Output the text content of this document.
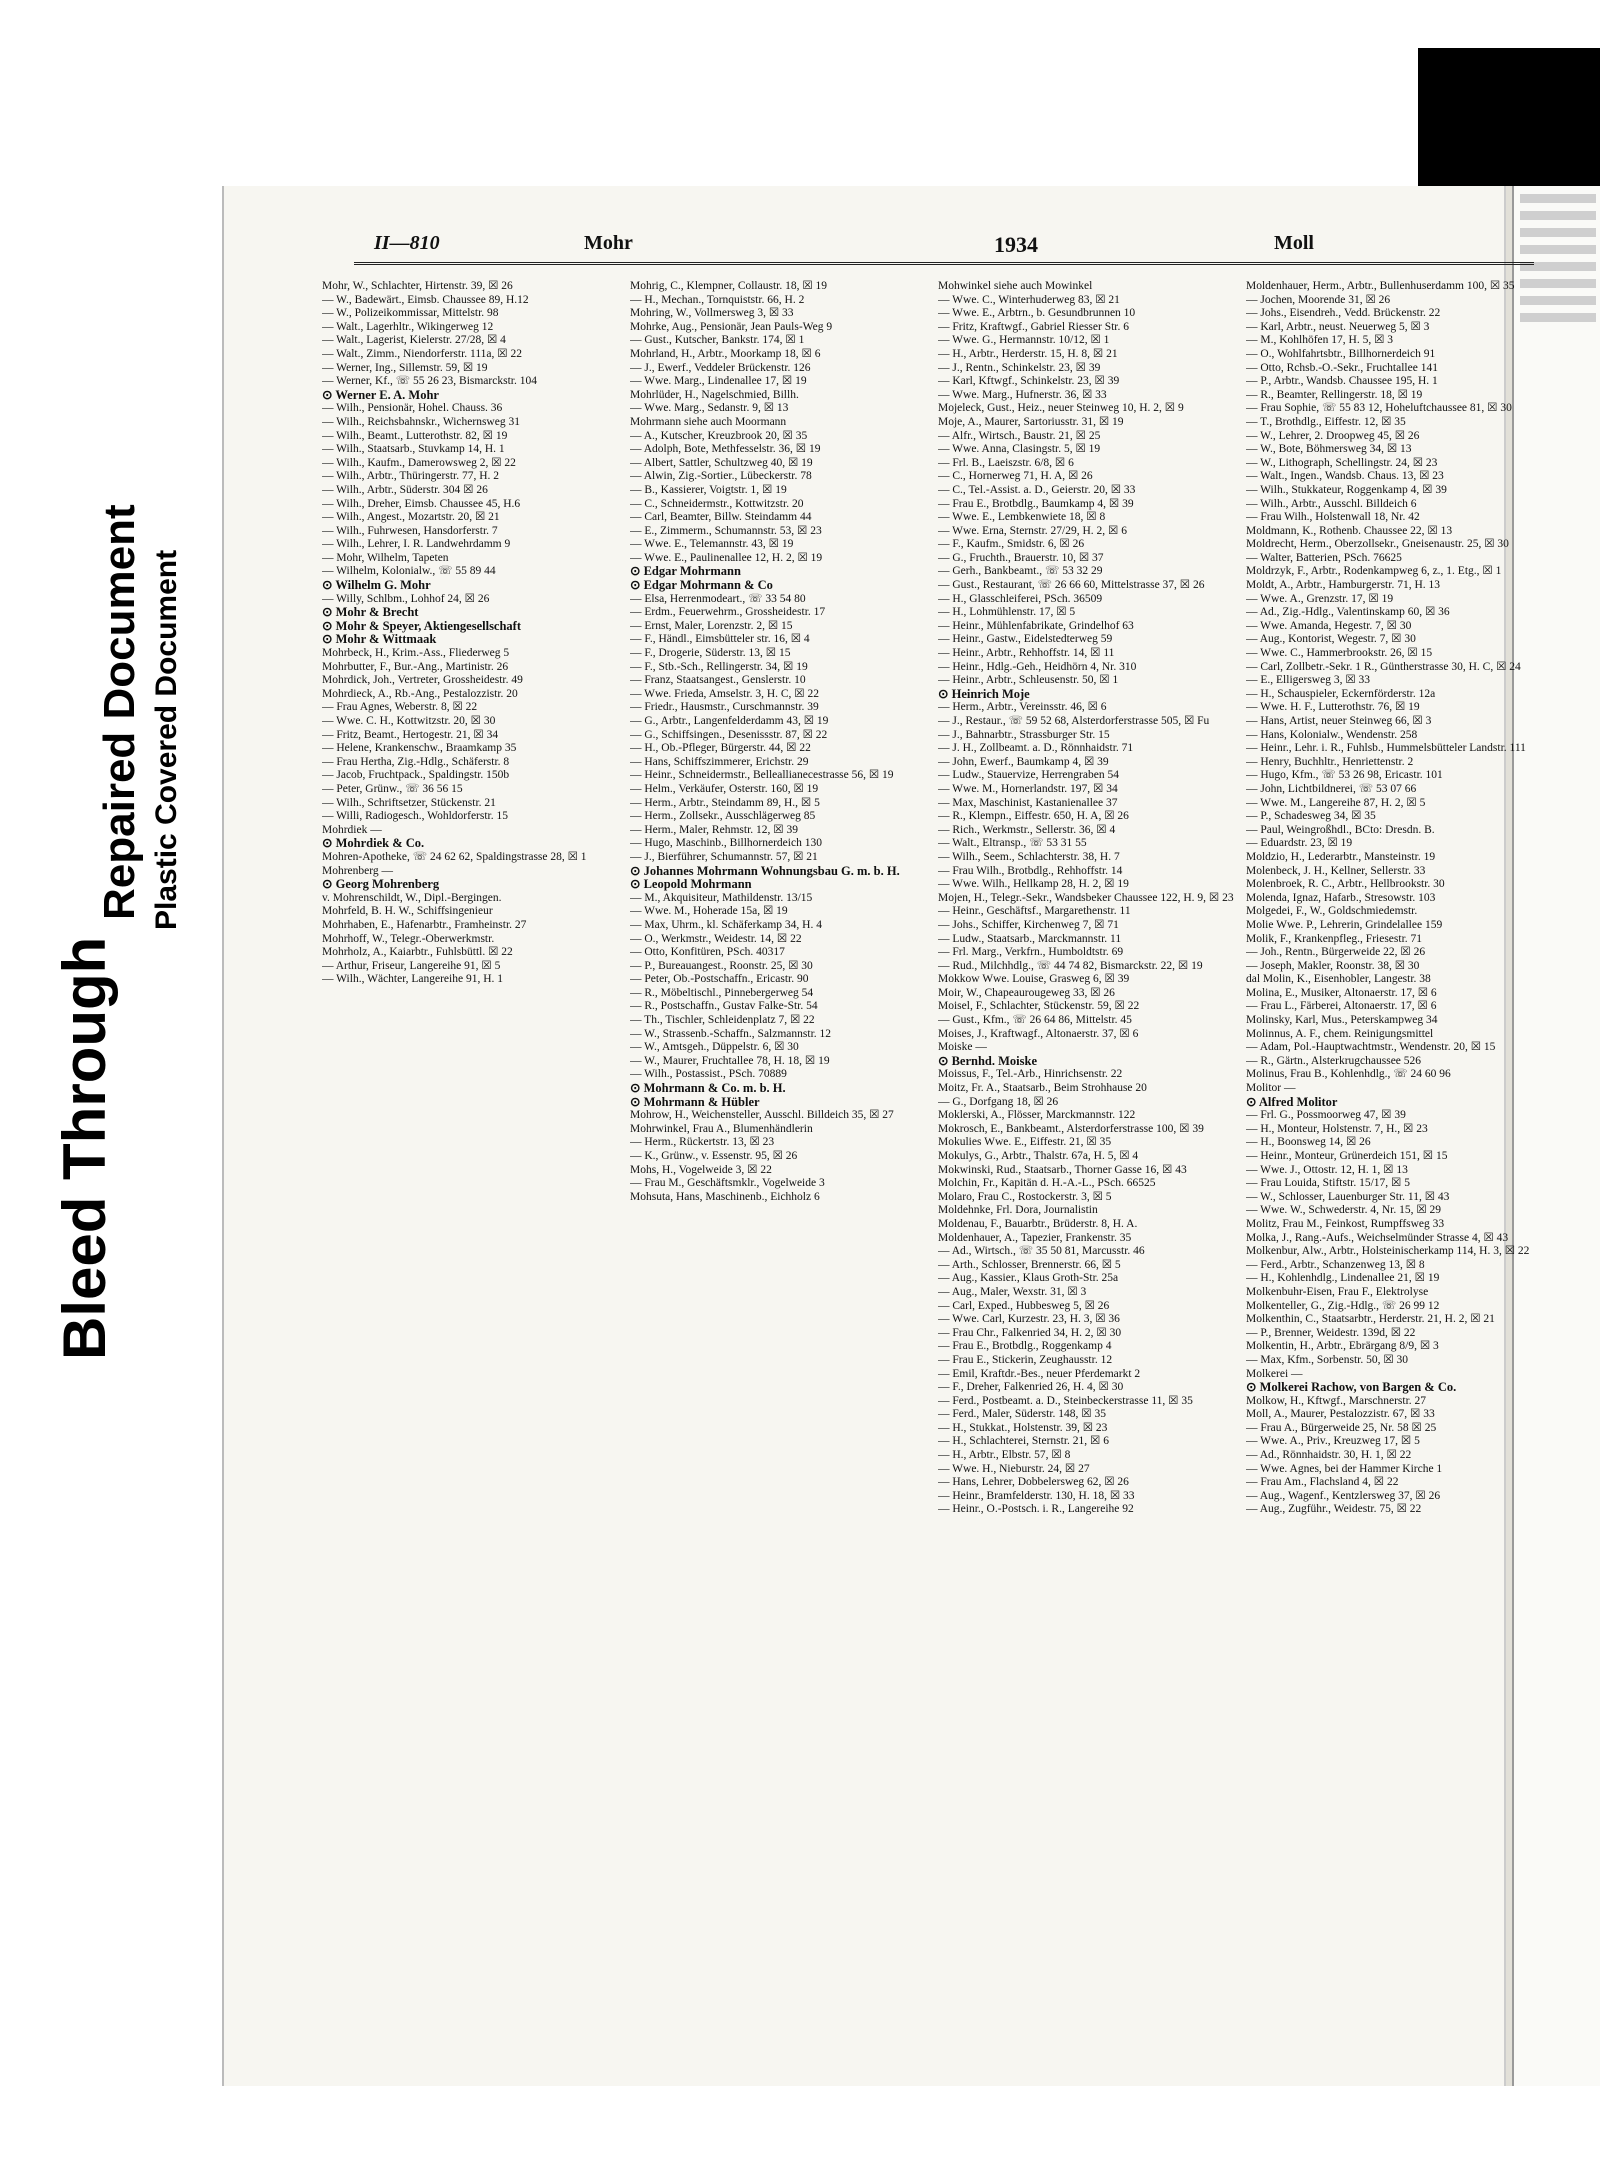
Bleed Through
Repaired Document Plastic Covered Document
II—810	Mohr	1934	Moll

Mohr, W., Schlachter, Hirtenstr. 39, ☒ 26

— W., Badewärt., Eimsb. Chaussee 89, H.12

— W., Polizeikommissar, Mittelstr. 98

— Walt., Lagerhltr., Wikingerweg 12

— Walt., Lagerist, Kielerstr. 27/28, ☒ 4

— Walt., Zimm., Niendorferstr. 111a, ☒ 22

— Werner, Ing., Sillemstr. 59, ☒ 19

— Werner, Kf., ☏ 55 26 23, Bismarckstr. 104

⊙ Werner E. A. Mohr

— Wilh., Pensionär, Hohel. Chauss. 36

— Wilh., Reichsbahnskr., Wichernsweg 31

— Wilh., Beamt., Lutterothstr. 82, ☒ 19

— Wilh., Staatsarb., Stuvkamp 14, H. 1

— Wilh., Kaufm., Damerowsweg 2, ☒ 22

— Wilh., Arbtr., Thüringerstr. 77, H. 2

— Wilh., Arbtr., Süderstr. 304 ☒ 26

— Wilh., Dreher, Eimsb. Chaussee 45, H.6

— Wilh., Angest., Mozartstr. 20, ☒ 21

— Wilh., Fuhrwesen, Hansdorferstr. 7

— Wilh., Lehrer, I. R. Landwehrdamm 9

— Mohr, Wilhelm, Tapeten

— Wilhelm, Kolonialw., ☏ 55 89 44

⊙ Wilhelm G. Mohr

— Willy, Schlbm., Lohhof 24, ☒ 26

⊙ Mohr & Brecht

⊙ Mohr & Speyer, Aktiengesellschaft

⊙ Mohr & Wittmaak

Mohrbeck, H., Krim.-Ass., Fliederweg 5

Mohrbutter, F., Bur.-Ang., Martinistr. 26

Mohrdick, Joh., Vertreter, Grossheidestr. 49

Mohrdieck, A., Rb.-Ang., Pestalozzistr. 20

— Frau Agnes, Weberstr. 8, ☒ 22

— Wwe. C. H., Kottwitzstr. 20, ☒ 30

— Fritz, Beamt., Hertogestr. 21, ☒ 34

— Helene, Krankenschw., Braamkamp 35

— Frau Hertha, Zig.-Hdlg., Schäferstr. 8

— Jacob, Fruchtpack., Spaldingstr. 150b

— Peter, Grünw., ☏ 36 56 15

— Wilh., Schriftsetzer, Stückenstr. 21

— Willi, Radiogesch., Wohldorferstr. 15

Mohrdiek —

⊙ Mohrdiek & Co.

Mohren-Apotheke, ☏ 24 62 62, Spaldingstrasse 28, ☒ 1

Mohrenberg —

⊙ Georg Mohrenberg

v. Mohrenschildt, W., Dipl.-Bergingen.

Mohrfeld, B. H. W., Schiffsingenieur

Mohrhaben, E., Hafenarbtr., Framheinstr. 27

Mohrhoff, W., Telegr.-Oberwerkmstr.

Mohrholz, A., Kaiarbtr., Fuhlsbüttl. ☒ 22

— Arthur, Friseur, Langereihe 91, ☒ 5

— Wilh., Wächter, Langereihe 91, H. 1

Mohrig, C., Klempner, Collaustr. 18, ☒ 19

— H., Mechan., Tornquiststr. 66, H. 2

Mohring, W., Vollmersweg 3, ☒ 33

Mohrke, Aug., Pensionär, Jean Pauls-Weg 9

— Gust., Kutscher, Bankstr. 174, ☒ 1

Mohrland, H., Arbtr., Moorkamp 18, ☒ 6

— J., Ewerf., Veddeler Brückenstr. 126

— Wwe. Marg., Lindenallee 17, ☒ 19

Mohrlüder, H., Nagelschmied, Billh.

— Wwe. Marg., Sedanstr. 9, ☒ 13

Mohrmann siehe auch Moormann

— A., Kutscher, Kreuzbrook 20, ☒ 35

— Adolph, Bote, Methfesselstr. 36, ☒ 19

— Albert, Sattler, Schultzweg 40, ☒ 19

— Alwin, Zig.-Sortier., Lübeckerstr. 78

— B., Kassierer, Voigtstr. 1, ☒ 19

— C., Schneidermstr., Kottwitzstr. 20

— Carl, Beamter, Billw. Steindamm 44

— E., Zimmerm., Schumannstr. 53, ☒ 23

— Wwe. E., Telemannstr. 43, ☒ 19

— Wwe. E., Paulinenallee 12, H. 2, ☒ 19

⊙ Edgar Mohrmann

⊙ Edgar Mohrmann & Co

— Elsa, Herrenmodeart., ☏ 33 54 80

— Erdm., Feuerwehrm., Grossheidestr. 17

— Ernst, Maler, Lorenzstr. 2, ☒ 15

— F., Händl., Eimsbütteler str. 16, ☒ 4

— F., Drogerie, Süderstr. 13, ☒ 15

— F., Stb.-Sch., Rellingerstr. 34, ☒ 19

— Franz, Staatsangest., Genslerstr. 10

— Wwe. Frieda, Amselstr. 3, H. C, ☒ 22

— Friedr., Hausmstr., Curschmannstr. 39

— G., Arbtr., Langenfelderdamm 43, ☒ 19

— G., Schiffsingen., Desenissstr. 87, ☒ 22

— H., Ob.-Pfleger, Bürgerstr. 44, ☒ 22

— Hans, Schiffszimmerer, Erichstr. 29

— Heinr., Schneidermstr., Belleallianecestrasse 56, ☒ 19

— Helm., Verkäufer, Osterstr. 160, ☒ 19

— Herm., Arbtr., Steindamm 89, H., ☒ 5

— Herm., Zollsekr., Ausschlägerweg 85

— Herm., Maler, Rehmstr. 12, ☒ 39

— Hugo, Maschinb., Billhornerdeich 130

— J., Bierführer, Schumannstr. 57, ☒ 21

⊙ Johannes Mohrmann Wohnungsbau G. m. b. H.

⊙ Leopold Mohrmann

— M., Akquisiteur, Mathildenstr. 13/15

— Wwe. M., Hoherade 15a, ☒ 19

— Max, Uhrm., kl. Schäferkamp 34, H. 4

— O., Werkmstr., Weidestr. 14, ☒ 22

— Otto, Konfitüren, PSch. 40317

— P., Bureauangest., Roonstr. 25, ☒ 30

— Peter, Ob.-Postschaffn., Ericastr. 90

— R., Möbeltischl., Pinnebergerweg 54

— R., Postschaffn., Gustav Falke-Str. 54

— Th., Tischler, Schleidenplatz 7, ☒ 22

— W., Strassenb.-Schaffn., Salzmannstr. 12

— W., Amtsgeh., Düppelstr. 6, ☒ 30

— W., Maurer, Fruchtallee 78, H. 18, ☒ 19

— Wilh., Postassist., PSch. 70889

⊙ Mohrmann & Co. m. b. H.

⊙ Mohrmann & Hübler

Mohrow, H., Weichensteller, Ausschl. Billdeich 35, ☒ 27

Mohrwinkel, Frau A., Blumenhändlerin

— Herm., Rückertstr. 13, ☒ 23

— K., Grünw., v. Essenstr. 95, ☒ 26

Mohs, H., Vogelweide 3, ☒ 22

— Frau M., Geschäftsmklr., Vogelweide 3

Mohsuta, Hans, Maschinenb., Eichholz 6

Mohwinkel siehe auch Mowinkel

— Wwe. C., Winterhuderweg 83, ☒ 21

— Wwe. E., Arbtrn., b. Gesundbrunnen 10

— Fritz, Kraftwgf., Gabriel Riesser Str. 6

— Wwe. G., Hermannstr. 10/12, ☒ 1

— H., Arbtr., Herderstr. 15, H. 8, ☒ 21

— J., Rentn., Schinkelstr. 23, ☒ 39

— Karl, Kftwgf., Schinkelstr. 23, ☒ 39

— Wwe. Marg., Hufnerstr. 36, ☒ 33

Mojeleck, Gust., Heiz., neuer Steinweg 10, H. 2, ☒ 9

Moje, A., Maurer, Sartoriusstr. 31, ☒ 19

— Alfr., Wirtsch., Baustr. 21, ☒ 25

— Wwe. Anna, Clasingstr. 5, ☒ 19

— Frl. B., Laeiszstr. 6/8, ☒ 6

— C., Hornerweg 71, H. A, ☒ 26

— C., Tel.-Assist. a. D., Geierstr. 20, ☒ 33

— Frau E., Brotbdlg., Baumkamp 4, ☒ 39

— Wwe. E., Lembkenwiete 18, ☒ 8

— Wwe. Erna, Sternstr. 27/29, H. 2, ☒ 6

— F., Kaufm., Smidstr. 6, ☒ 26

— G., Fruchth., Brauerstr. 10, ☒ 37

— Gerh., Bankbeamt., ☏ 53 32 29

— Gust., Restaurant, ☏ 26 66 60, Mittelstrasse 37, ☒ 26

— H., Glasschleiferei, PSch. 36509

— H., Lohmühlenstr. 17, ☒ 5

— Heinr., Mühlenfabrikate, Grindelhof 63

— Heinr., Gastw., Eidelstedterweg 59

— Heinr., Arbtr., Rehhoffstr. 14, ☒ 11

— Heinr., Hdlg.-Geh., Heidhörn 4, Nr. 310

— Heinr., Arbtr., Schleusenstr. 50, ☒ 1

⊙ Heinrich Moje

— Herm., Arbtr., Vereinsstr. 46, ☒ 6

— J., Restaur., ☏ 59 52 68, Alsterdorferstrasse 505, ☒ Fu

— J., Bahnarbtr., Strassburger Str. 15

— J. H., Zollbeamt. a. D., Rönnhaidstr. 71

— John, Ewerf., Baumkamp 4, ☒ 39

— Ludw., Stauervize, Herrengraben 54

— Wwe. M., Hornerlandstr. 197, ☒ 34

— Max, Maschinist, Kastanienallee 37

— R., Klempn., Eiffestr. 650, H. A, ☒ 26

— Rich., Werkmstr., Sellerstr. 36, ☒ 4

— Walt., Eltransp., ☏ 53 31 55

— Wilh., Seem., Schlachterstr. 38, H. 7

— Frau Wilh., Brotbdlg., Rehhoffstr. 14

— Wwe. Wilh., Hellkamp 28, H. 2, ☒ 19

Mojen, H., Telegr.-Sekr., Wandsbeker Chaussee 122, H. 9, ☒ 23

— Heinr., Geschäftsf., Margarethenstr. 11

— Johs., Schiffer, Kirchenweg 7, ☒ 71

— Ludw., Staatsarb., Marckmannstr. 11

— Frl. Marg., Verkfrn., Humboldtstr. 69

— Rud., Milchhdlg., ☏ 44 74 82, Bismarckstr. 22, ☒ 19

Mokkow Wwe. Louise, Grasweg 6, ☒ 39

Moir, W., Chapeaurougeweg 33, ☒ 26

Moisel, F., Schlachter, Stückenstr. 59, ☒ 22

— Gust., Kfm., ☏ 26 64 86, Mittelstr. 45

Moises, J., Kraftwagf., Altonaerstr. 37, ☒ 6

Moiske —

⊙ Bernhd. Moiske

Moissus, F., Tel.-Arb., Hinrichsenstr. 22

Moitz, Fr. A., Staatsarb., Beim Strohhause 20

— G., Dorfgang 18, ☒ 26

Moklerski, A., Flösser, Marckmannstr. 122

Mokrosch, E., Bankbeamt., Alsterdorferstrasse 100, ☒ 39

Mokulies Wwe. E., Eiffestr. 21, ☒ 35

Mokulys, G., Arbtr., Thalstr. 67a, H. 5, ☒ 4

Mokwinski, Rud., Staatsarb., Thorner Gasse 16, ☒ 43

Molchin, Fr., Kapitän d. H.-A.-L., PSch. 66525

Molaro, Frau C., Rostockerstr. 3, ☒ 5

Moldehnke, Frl. Dora, Journalistin

Moldenau, F., Bauarbtr., Brüderstr. 8, H. A.

Moldenhauer, A., Tapezier, Frankenstr. 35

— Ad., Wirtsch., ☏ 35 50 81, Marcusstr. 46

— Arth., Schlosser, Brennerstr. 66, ☒ 5

— Aug., Kassier., Klaus Groth-Str. 25a

— Aug., Maler, Wexstr. 31, ☒ 3

— Carl, Exped., Hubbesweg 5, ☒ 26

— Wwe. Carl, Kurzestr. 23, H. 3, ☒ 36

— Frau Chr., Falkenried 34, H. 2, ☒ 30

— Frau E., Brotbdlg., Roggenkamp 4

— Frau E., Stickerin, Zeughausstr. 12

— Emil, Kraftdr.-Bes., neuer Pferdemarkt 2

— F., Dreher, Falkenried 26, H. 4, ☒ 30

— Ferd., Postbeamt. a. D., Steinbeckerstrasse 11, ☒ 35

— Ferd., Maler, Süderstr. 148, ☒ 35

— H., Stukkat., Holstenstr. 39, ☒ 23

— H., Schlachterei, Sternstr. 21, ☒ 6

— H., Arbtr., Elbstr. 57, ☒ 8

— Wwe. H., Nieburstr. 24, ☒ 27

— Hans, Lehrer, Dobbelersweg 62, ☒ 26

— Heinr., Bramfelderstr. 130, H. 18, ☒ 33

— Heinr., O.-Postsch. i. R., Langereihe 92

Moldenhauer, Herm., Arbtr., Bullenhuserdamm 100, ☒ 35

— Jochen, Moorende 31, ☒ 26

— Johs., Eisendreh., Vedd. Brückenstr. 22

— Karl, Arbtr., neust. Neuerweg 5, ☒ 3

— M., Kohlhöfen 17, H. 5, ☒ 3

— O., Wohlfahrtsbtr., Billhornerdeich 91

— Otto, Rchsb.-O.-Sekr., Fruchtallee 141

— P., Arbtr., Wandsb. Chaussee 195, H. 1

— R., Beamter, Rellingerstr. 18, ☒ 19

— Frau Sophie, ☏ 55 83 12, Hoheluftchaussee 81, ☒ 30

— T., Brothdlg., Eiffestr. 12, ☒ 35

— W., Lehrer, 2. Droopweg 45, ☒ 26

— W., Bote, Böhmersweg 34, ☒ 13

— W., Lithograph, Schellingstr. 24, ☒ 23

— Walt., Ingen., Wandsb. Chaus. 13, ☒ 23

— Wilh., Stukkateur, Roggenkamp 4, ☒ 39

— Wilh., Arbtr., Ausschl. Billdeich 6

— Frau Wilh., Holstenwall 18, Nr. 42

Moldmann, K., Rothenb. Chaussee 22, ☒ 13

Moldrecht, Herm., Oberzollsekr., Gneisenaustr. 25, ☒ 30

— Walter, Batterien, PSch. 76625

Moldrzyk, F., Arbtr., Rodenkampweg 6, z., 1. Etg., ☒ 1

Moldt, A., Arbtr., Hamburgerstr. 71, H. 13

— Wwe. A., Grenzstr. 17, ☒ 19

— Ad., Zig.-Hdlg., Valentinskamp 60, ☒ 36

— Wwe. Amanda, Hegestr. 7, ☒ 30

— Aug., Kontorist, Wegestr. 7, ☒ 30

— Wwe. C., Hammerbrookstr. 26, ☒ 15

— Carl, Zollbetr.-Sekr. 1 R., Güntherstrasse 30, H. C, ☒ 24

— E., Elligersweg 3, ☒ 33

— H., Schauspieler, Eckernförderstr. 12a

— Wwe. H. F., Lutterothstr. 76, ☒ 19

— Hans, Artist, neuer Steinweg 66, ☒ 3

— Hans, Kolonialw., Wendenstr. 258

— Heinr., Lehr. i. R., Fuhlsb., Hummelsbütteler Landstr. 111

— Henry, Buchhltr., Henriettenstr. 2

— Hugo, Kfm., ☏ 53 26 98, Ericastr. 101

— John, Lichtbildnerei, ☏ 53 07 66

— Wwe. M., Langereihe 87, H. 2, ☒ 5

— P., Schadesweg 34, ☒ 35

— Paul, Weingroßhdl., BCto: Dresdn. B.

— Eduardstr. 23, ☒ 19

Moldzio, H., Lederarbtr., Mansteinstr. 19

Molenbeck, J. H., Kellner, Sellerstr. 33

Molenbroek, R. C., Arbtr., Hellbrookstr. 30

Molenda, Ignaz, Hafarb., Stresowstr. 103

Molgedei, F., W., Goldschmiedemstr.

Molie Wwe. P., Lehrerin, Grindelallee 159

Molik, F., Krankenpfleg., Friesestr. 71

— Joh., Rentn., Bürgerweide 22, ☒ 26

— Joseph, Makler, Roonstr. 38, ☒ 30

dal Molin, K., Eisenhobler, Langestr. 38

Molina, E., Musiker, Altonaerstr. 17, ☒ 6

— Frau L., Färberei, Altonaerstr. 17, ☒ 6

Molinsky, Karl, Mus., Peterskampweg 34

Molinnus, A. F., chem. Reinigungsmittel

— Adam, Pol.-Hauptwachtmstr., Wendenstr. 20, ☒ 15

— R., Gärtn., Alsterkrugchaussee 526

Molinus, Frau B., Kohlenhdlg., ☏ 24 60 96

Molitor —

⊙ Alfred Molitor

— Frl. G., Possmoorweg 47, ☒ 39

— H., Monteur, Holstenstr. 7, H., ☒ 23

— H., Boonsweg 14, ☒ 26

— Heinr., Monteur, Grünerdeich 151, ☒ 15

— Wwe. J., Ottostr. 12, H. 1, ☒ 13

— Frau Louida, Stiftstr. 15/17, ☒ 5

— W., Schlosser, Lauenburger Str. 11, ☒ 43

— Wwe. W., Schwederstr. 4, Nr. 15, ☒ 29

Molitz, Frau M., Feinkost, Rumpffsweg 33

Molka, J., Rang.-Aufs., Weichselmünder Strasse 4, ☒ 43

Molkenbur, Alw., Arbtr., Holsteinischerkamp 114, H. 3, ☒ 22

— Ferd., Arbtr., Schanzenweg 13, ☒ 8

— H., Kohlenhdlg., Lindenallee 21, ☒ 19

Molkenbuhr-Eisen, Frau F., Elektrolyse

Molkenteller, G., Zig.-Hdlg., ☏ 26 99 12

Molkenthin, C., Staatsarbtr., Herderstr. 21, H. 2, ☒ 21

— P., Brenner, Weidestr. 139d, ☒ 22

Molkentin, H., Arbtr., Ebrärgang 8/9, ☒ 3

— Max, Kfm., Sorbenstr. 50, ☒ 30

Molkerei —

⊙ Molkerei Rachow, von Bargen & Co.

Molkow, H., Kftwgf., Marschnerstr. 27

Moll, A., Maurer, Pestalozzistr. 67, ☒ 33

— Frau A., Bürgerweide 25, Nr. 58 ☒ 25

— Wwe. A., Priv., Kreuzweg 17, ☒ 5

— Ad., Rönnhaidstr. 30, H. 1, ☒ 22

— Wwe. Agnes, bei der Hammer Kirche 1

— Frau Am., Flachsland 4, ☒ 22

— Aug., Wagenf., Kentzlersweg 37, ☒ 26

— Aug., Zugführ., Weidestr. 75, ☒ 22
